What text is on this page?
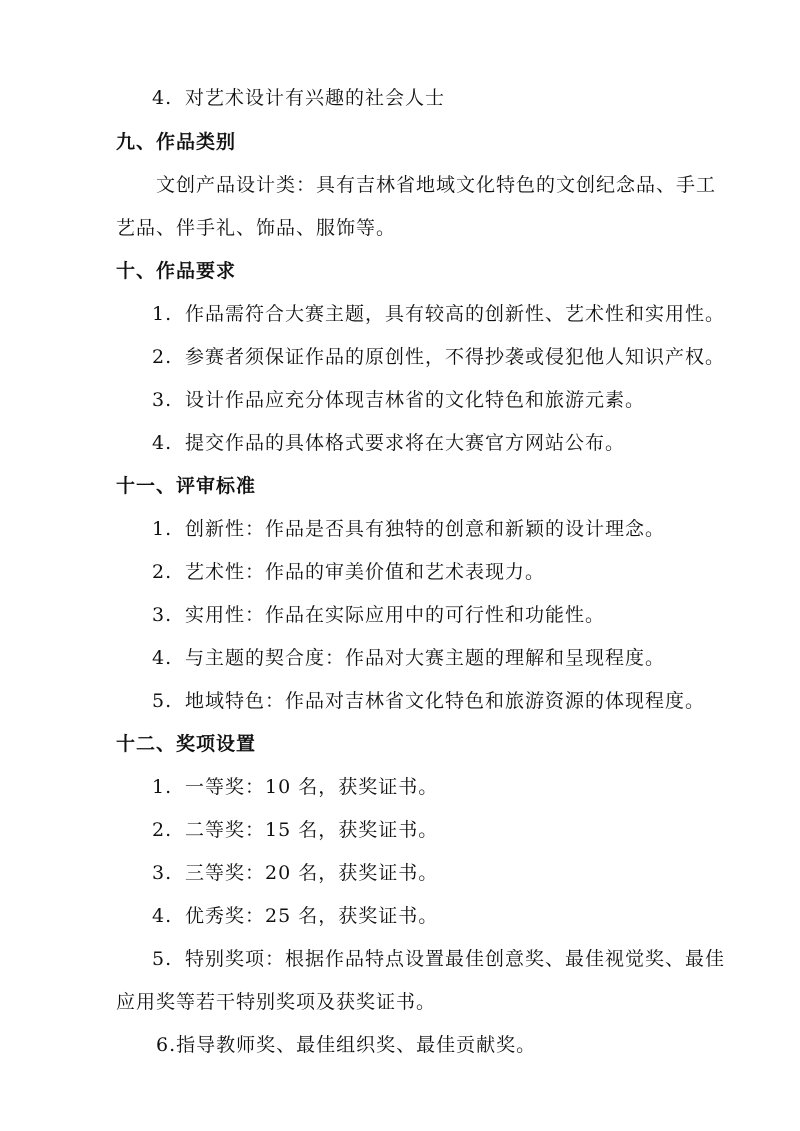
4. 对艺术设计有兴趣的社会人士
九、作品类别
文创产品设计类：具有吉林省地域文化特色的文创纪念品、手工
艺品、伴手礼、饰品、服饰等。
十、作品要求
1. 作品需符合大赛主题，具有较高的创新性、艺术性和实用性。
2. 参赛者须保证作品的原创性，不得抄袭或侵犯他人知识产权。
3. 设计作品应充分体现吉林省的文化特色和旅游元素。
4. 提交作品的具体格式要求将在大赛官方网站公布。
十一、评审标准
1. 创新性：作品是否具有独特的创意和新颖的设计理念。
2. 艺术性：作品的审美价值和艺术表现力。
3. 实用性：作品在实际应用中的可行性和功能性。
4. 与主题的契合度：作品对大赛主题的理解和呈现程度。
5. 地域特色：作品对吉林省文化特色和旅游资源的体现程度。
十二、奖项设置
1. 一等奖：10 名，获奖证书。
2. 二等奖：15 名，获奖证书。
3. 三等奖：20 名，获奖证书。
4. 优秀奖：25 名，获奖证书。
5. 特别奖项：根据作品特点设置最佳创意奖、最佳视觉奖、最佳
应用奖等若干特别奖项及获奖证书。
6.指导教师奖、最佳组织奖、最佳贡献奖。
